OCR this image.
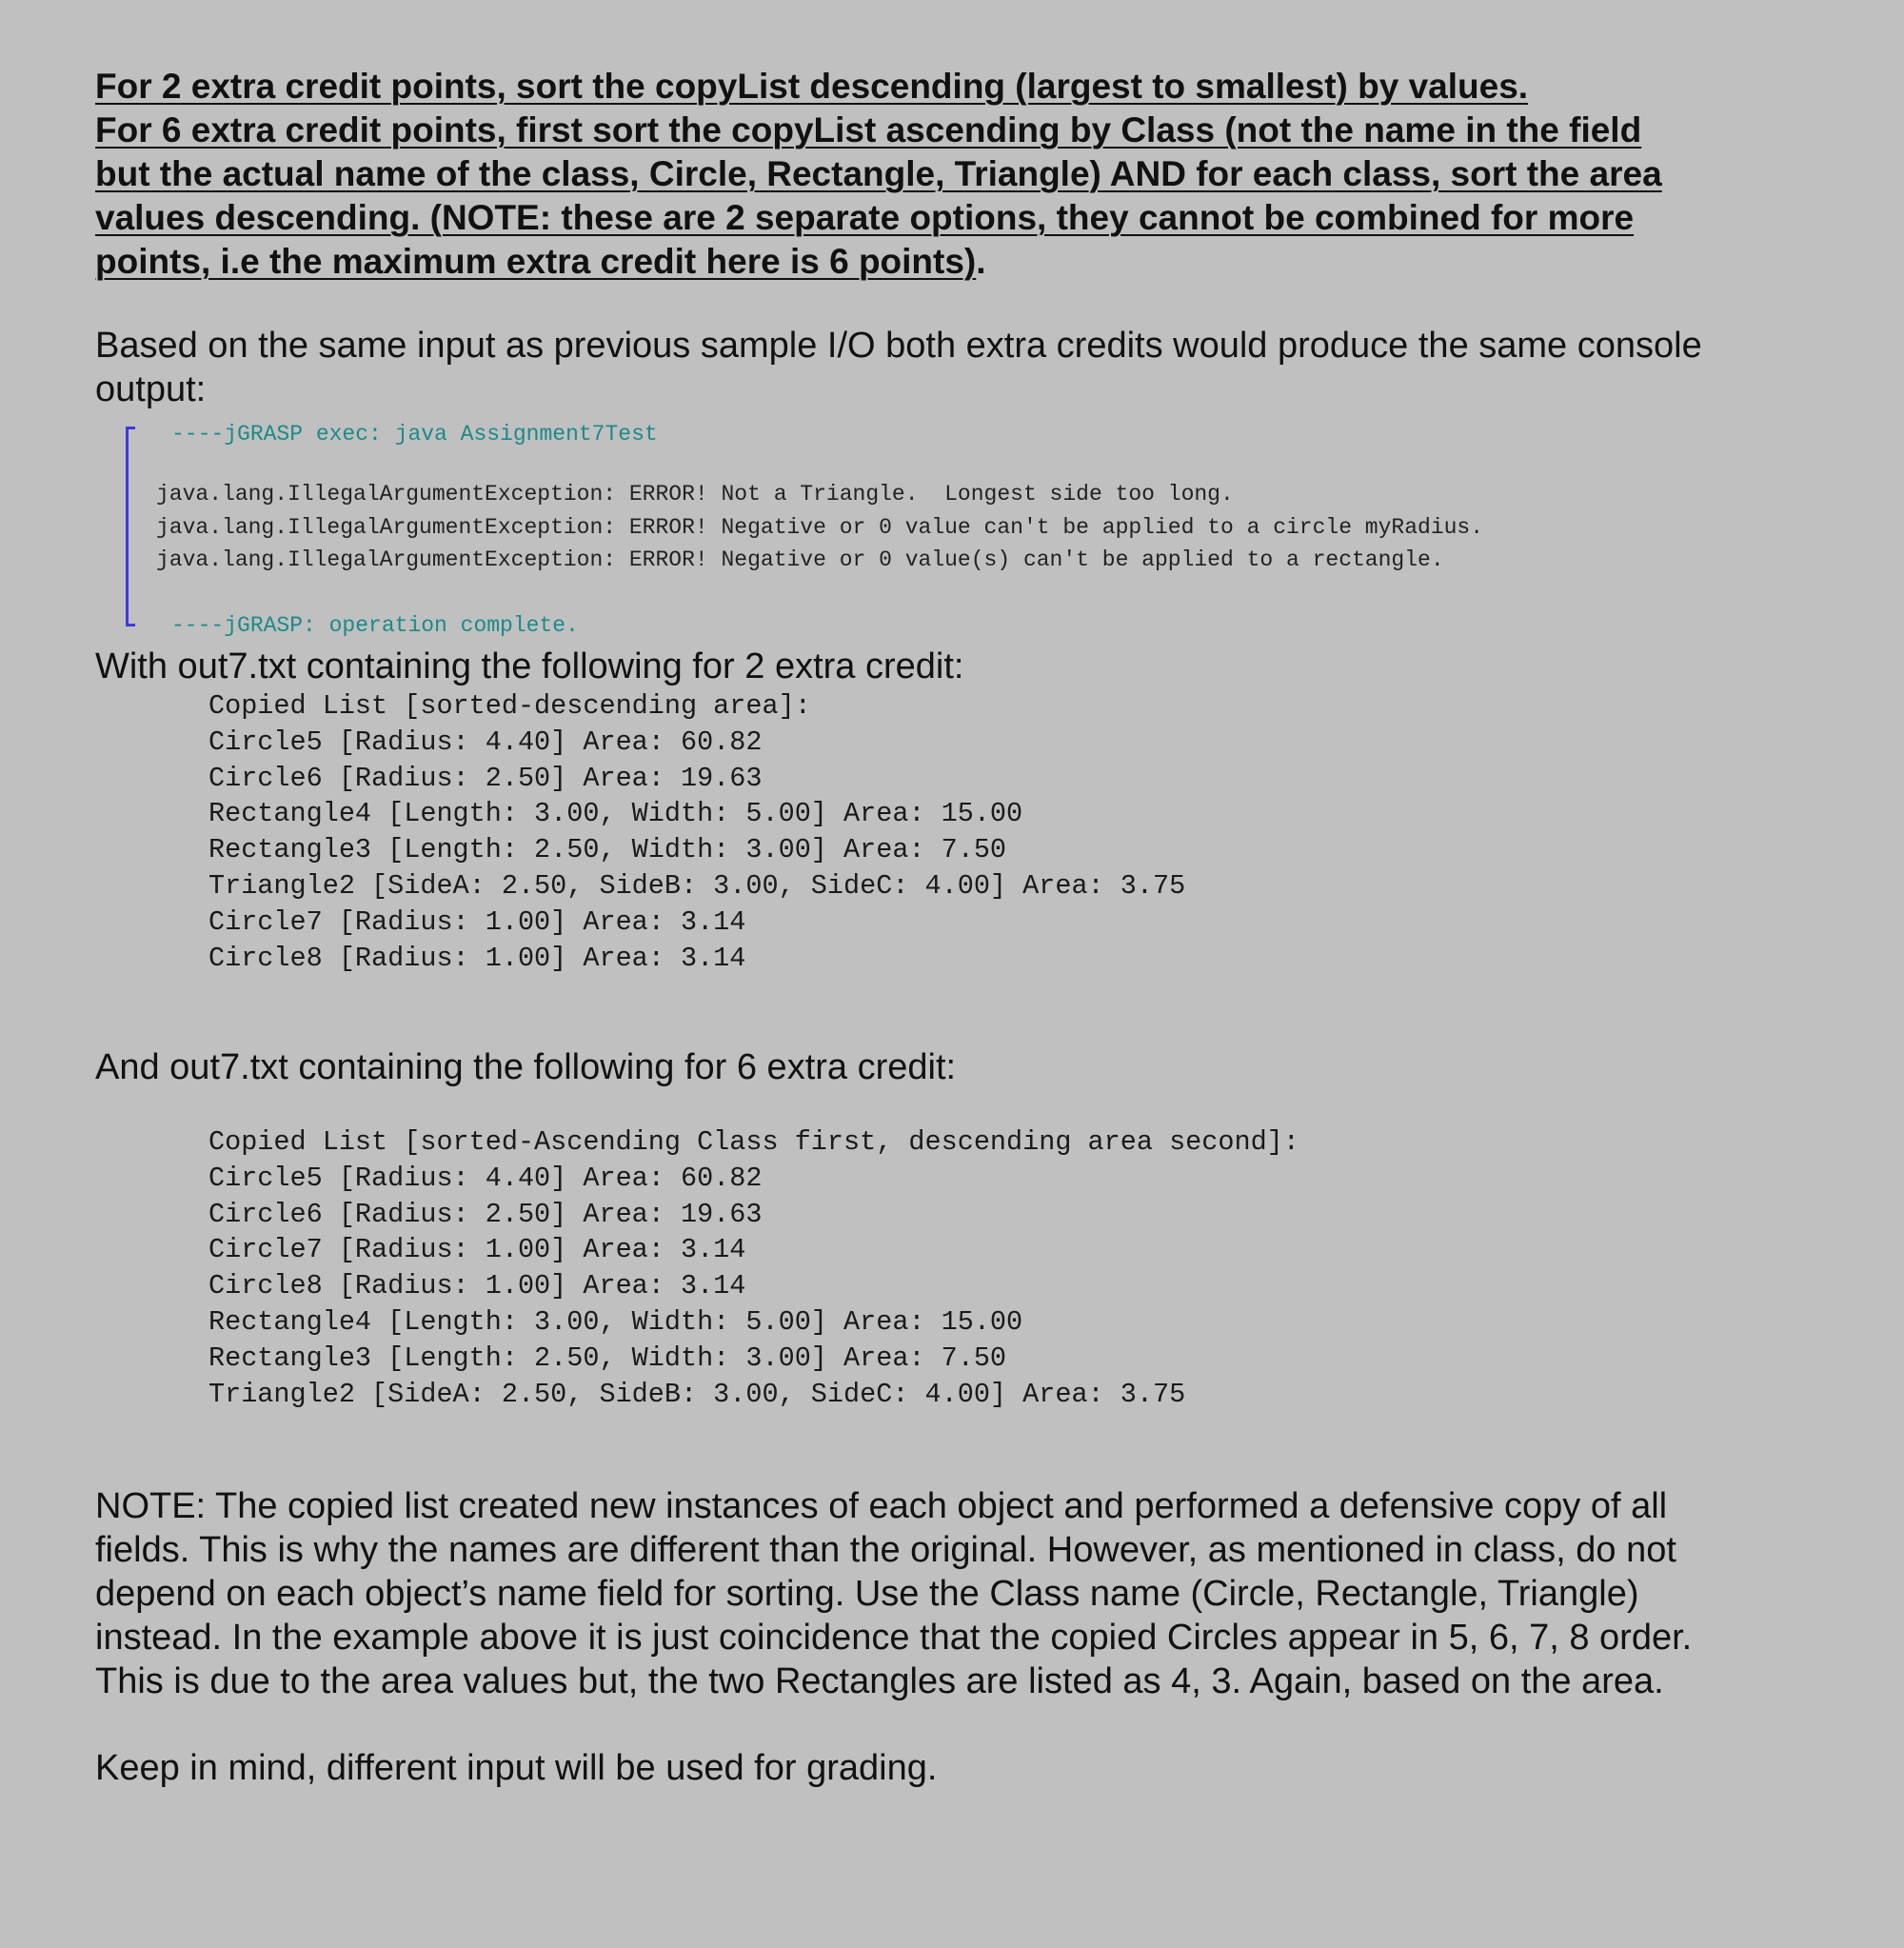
For 2 extra credit points, sort the copyList descending (largest to smallest) by values.
For 6 extra credit points, first sort the copyList ascending by Class (not the name in the field
but the actual name of the class, Circle, Rectangle, Triangle) AND for each class, sort the area
values descending. (NOTE: these are 2 separate options, they cannot be combined for more
points, i.e the maximum extra credit here is 6 points).
Based on the same input as previous sample I/O both extra credits would produce the same console
output:
----jGRASP exec: java Assignment7Test
java.lang.IllegalArgumentException: ERROR! Not a Triangle.  Longest side too long.
java.lang.IllegalArgumentException: ERROR! Negative or 0 value can't be applied to a circle myRadius.
java.lang.IllegalArgumentException: ERROR! Negative or 0 value(s) can't be applied to a rectangle.
----jGRASP: operation complete.
With out7.txt containing the following for 2 extra credit:
Copied List [sorted-descending area]:
Circle5 [Radius: 4.40] Area: 60.82
Circle6 [Radius: 2.50] Area: 19.63
Rectangle4 [Length: 3.00, Width: 5.00] Area: 15.00
Rectangle3 [Length: 2.50, Width: 3.00] Area: 7.50
Triangle2 [SideA: 2.50, SideB: 3.00, SideC: 4.00] Area: 3.75
Circle7 [Radius: 1.00] Area: 3.14
Circle8 [Radius: 1.00] Area: 3.14
And out7.txt containing the following for 6 extra credit:
Copied List [sorted-Ascending Class first, descending area second]:
Circle5 [Radius: 4.40] Area: 60.82
Circle6 [Radius: 2.50] Area: 19.63
Circle7 [Radius: 1.00] Area: 3.14
Circle8 [Radius: 1.00] Area: 3.14
Rectangle4 [Length: 3.00, Width: 5.00] Area: 15.00
Rectangle3 [Length: 2.50, Width: 3.00] Area: 7.50
Triangle2 [SideA: 2.50, SideB: 3.00, SideC: 4.00] Area: 3.75
NOTE: The copied list created new instances of each object and performed a defensive copy of all
fields. This is why the names are different than the original. However, as mentioned in class, do not
depend on each object’s name field for sorting. Use the Class name (Circle, Rectangle, Triangle)
instead. In the example above it is just coincidence that the copied Circles appear in 5, 6, 7, 8 order.
This is due to the area values but, the two Rectangles are listed as 4, 3. Again, based on the area.
Keep in mind, different input will be used for grading.
